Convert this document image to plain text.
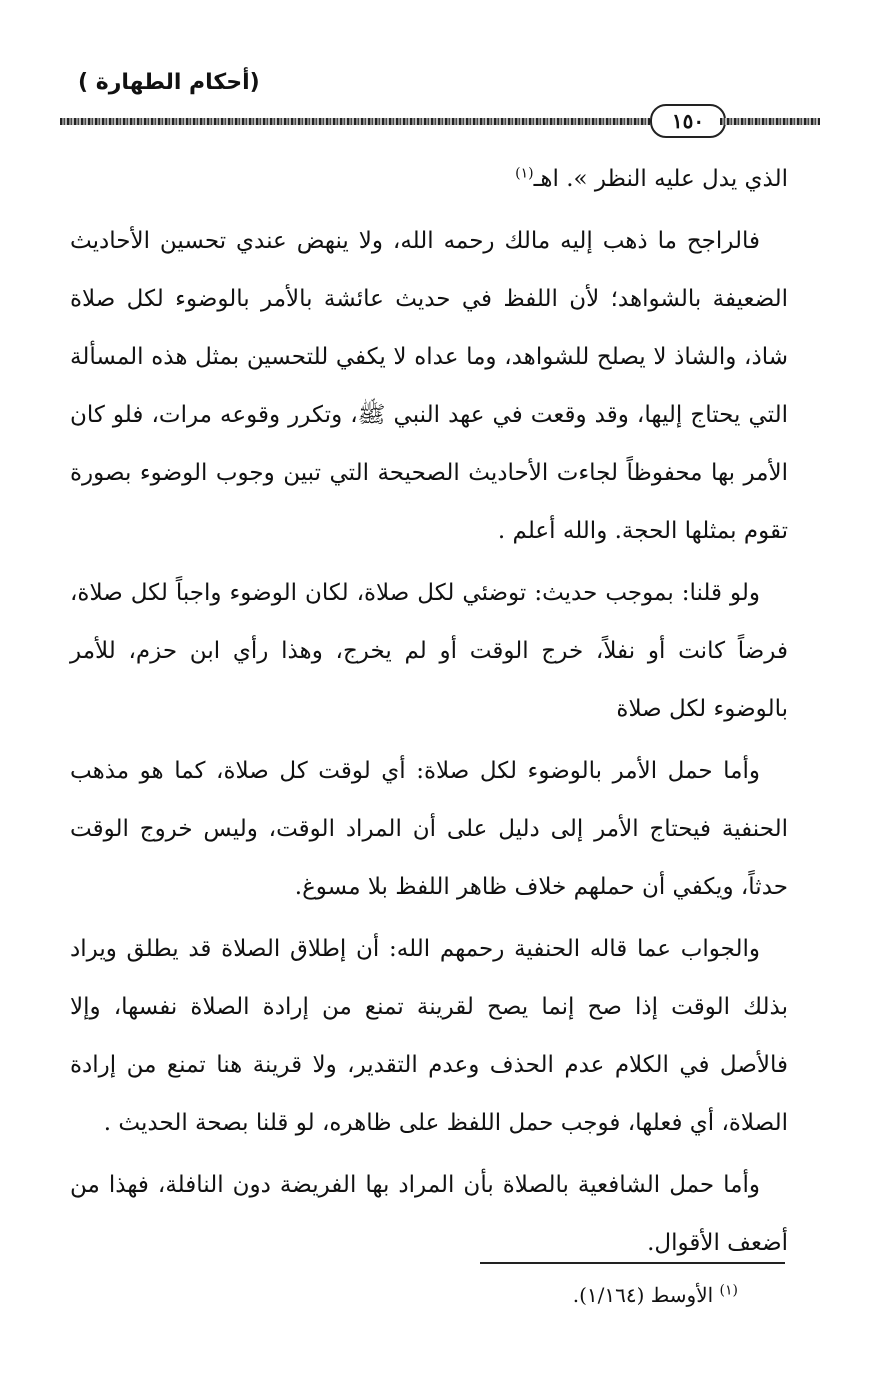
(أحكام الطهارة )
١٥٠

الذي يدل عليه النظر ». اهـ$^{(١)}$

فالراجح ما ذهب إليه مالك رحمه الله، ولا ينهض عندي تحسين الأحاديث الضعيفة بالشواهد؛ لأن اللفظ في حديث عائشة بالأمر بالوضوء لكل صلاة شاذ، والشاذ لا يصلح للشواهد، وما عداه لا يكفي للتحسين بمثل هذه المسألة التي يحتاج إليها، وقد وقعت في عهد النبي ﷺ، وتكرر وقوعه مرات، فلو كان الأمر بها محفوظاً لجاءت الأحاديث الصحيحة التي تبين وجوب الوضوء بصورة تقوم بمثلها الحجة. والله أعلم .

ولو قلنا: بموجب حديث: توضئي لكل صلاة، لكان الوضوء واجباً لكل صلاة، فرضاً كانت أو نفلاً، خرج الوقت أو لم يخرج، وهذا رأي ابن حزم، للأمر بالوضوء لكل صلاة

وأما حمل الأمر بالوضوء لكل صلاة: أي لوقت كل صلاة، كما هو مذهب الحنفية فيحتاج الأمر إلى دليل على أن المراد الوقت، وليس خروج الوقت حدثاً، ويكفي أن حملهم خلاف ظاهر اللفظ بلا مسوغ.

والجواب عما قاله الحنفية رحمهم الله: أن إطلاق الصلاة قد يطلق ويراد بذلك الوقت إذا صح إنما يصح لقرينة تمنع من إرادة الصلاة نفسها، وإلا فالأصل في الكلام عدم الحذف وعدم التقدير، ولا قرينة هنا تمنع من إرادة الصلاة، أي فعلها، فوجب حمل اللفظ على ظاهره، لو قلنا بصحة الحديث .

وأما حمل الشافعية بالصلاة بأن المراد بها الفريضة دون النافلة، فهذا من أضعف الأقوال.

$^{(١)}$ الأوسط (١/١٦٤).
